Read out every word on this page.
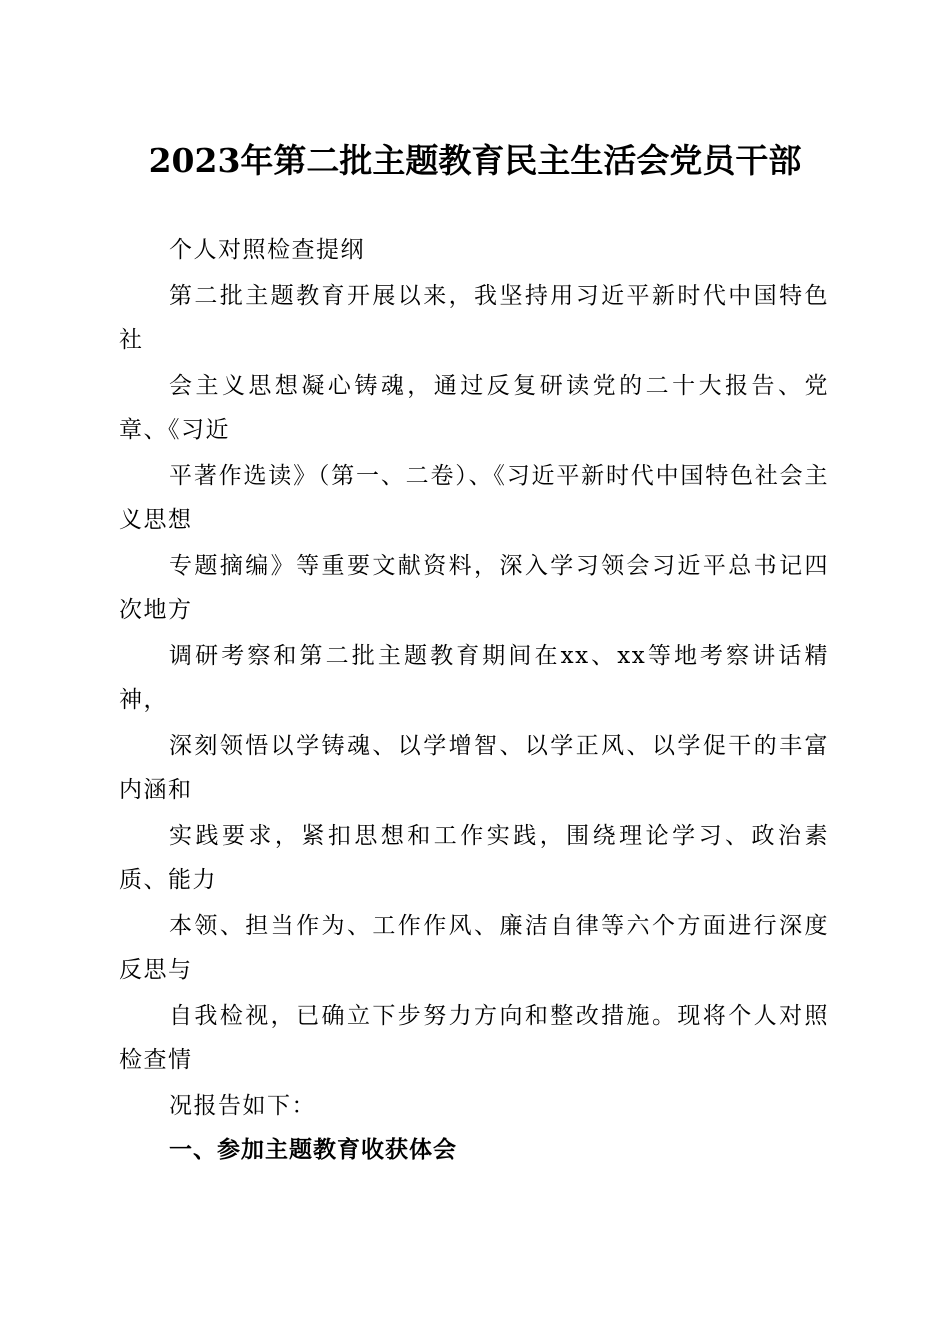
2023年第二批主题教育民主生活会党员干部

个人对照检查提纲

第二批主题教育开展以来，我坚持用习近平新时代中国特色社

会主义思想凝心铸魂，通过反复研读党的二十大报告、党章、《习近

平著作选读》（第一、二卷）、《习近平新时代中国特色社会主义思想

专题摘编》等重要文献资料，深入学习领会习近平总书记四次地方

调研考察和第二批主题教育期间在xx、xx等地考察讲话精神，

深刻领悟以学铸魂、以学增智、以学正风、以学促干的丰富内涵和

实践要求，紧扣思想和工作实践，围绕理论学习、政治素质、能力

本领、担当作为、工作作风、廉洁自律等六个方面进行深度反思与

自我检视，已确立下步努力方向和整改措施。现将个人对照检查情

况报告如下：

一、参加主题教育收获体会
